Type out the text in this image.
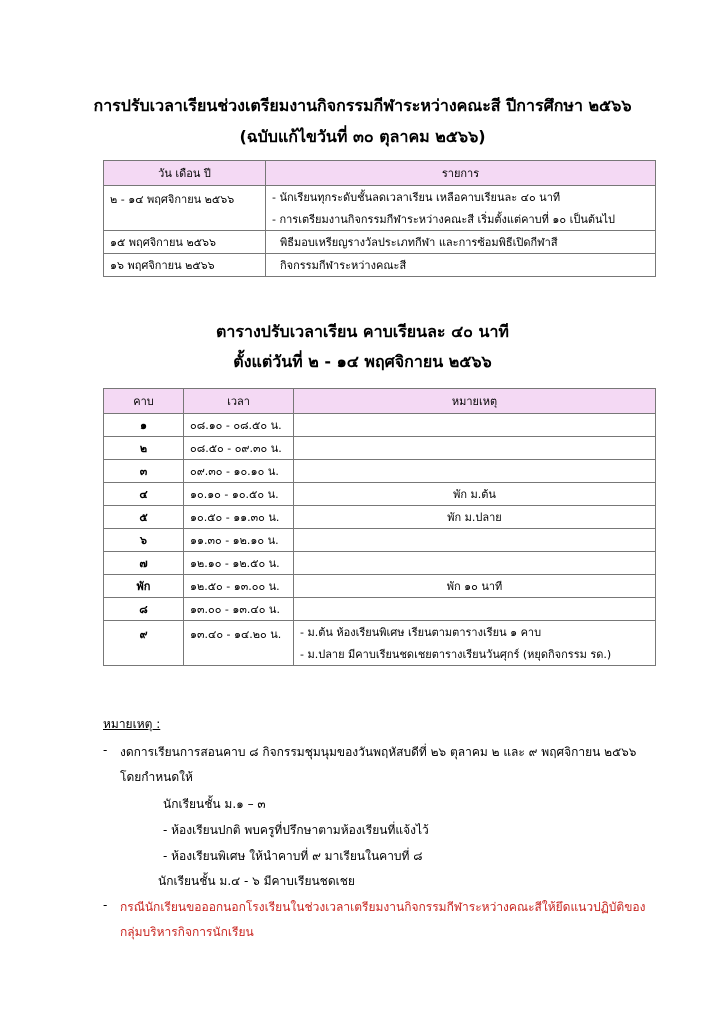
การปรับเวลาเรียนช่วงเตรียมงานกิจกรรมกีฬาระหว่างคณะสี ปีการศึกษา ๒๕๖๖
(ฉบับแก้ไขวันที่ ๓๐ ตุลาคม ๒๕๖๖)
วัน เดือน ปี	รายการ
๒ - ๑๔ พฤศจิกายน ๒๕๖๖	- นักเรียนทุกระดับชั้นลดเวลาเรียน เหลือคาบเรียนละ ๔๐ นาที
	- การเตรียมงานกิจกรรมกีฬาระหว่างคณะสี เริ่มตั้งแต่คาบที่ ๑๐ เป็นต้นไป
๑๕ พฤศจิกายน ๒๕๖๖	พิธีมอบเหรียญรางวัลประเภทกีฬา และการซ้อมพิธีเปิดกีฬาสี
๑๖ พฤศจิกายน ๒๕๖๖	กิจกรรมกีฬาระหว่างคณะสี
ตารางปรับเวลาเรียน คาบเรียนละ ๔๐ นาที
ตั้งแต่วันที่ ๒ - ๑๔ พฤศจิกายน ๒๕๖๖
คาบ	เวลา	หมายเหตุ
๑	๐๘.๑๐ - ๐๘.๕๐ น.	
๒	๐๘.๕๐ - ๐๙.๓๐ น.	
๓	๐๙.๓๐ - ๑๐.๑๐ น.	
๔	๑๐.๑๐ - ๑๐.๕๐ น.	พัก ม.ต้น
๕	๑๐.๕๐ - ๑๑.๓๐ น.	พัก ม.ปลาย
๖	๑๑.๓๐ - ๑๒.๑๐ น.	
๗	๑๒.๑๐ - ๑๒.๕๐ น.	
พัก	๑๒.๕๐ - ๑๓.๐๐ น.	พัก ๑๐ นาที
๘	๑๓.๐๐ - ๑๓.๔๐ น.	
๙	๑๓.๔๐ - ๑๔.๒๐ น.	- ม.ต้น ห้องเรียนพิเศษ เรียนตามตารางเรียน ๑ คาบ
		- ม.ปลาย มีคาบเรียนชดเชยตารางเรียนวันศุกร์ (หยุดกิจกรรม รด.)
หมายเหตุ :
- งดการเรียนการสอนคาบ ๘ กิจกรรมชุมนุมของวันพฤหัสบดีที่ ๒๖ ตุลาคม ๒ และ ๙ พฤศจิกายน ๒๕๖๖
โดยกำหนดให้
นักเรียนชั้น ม.๑ – ๓
- ห้องเรียนปกติ พบครูที่ปรึกษาตามห้องเรียนที่แจ้งไว้
- ห้องเรียนพิเศษ ให้นำคาบที่ ๙ มาเรียนในคาบที่ ๘
นักเรียนชั้น ม.๔ - ๖ มีคาบเรียนชดเชย
- กรณีนักเรียนขอออกนอกโรงเรียนในช่วงเวลาเตรียมงานกิจกรรมกีฬาระหว่างคณะสีให้ยึดแนวปฏิบัติของ
กลุ่มบริหารกิจการนักเรียน
